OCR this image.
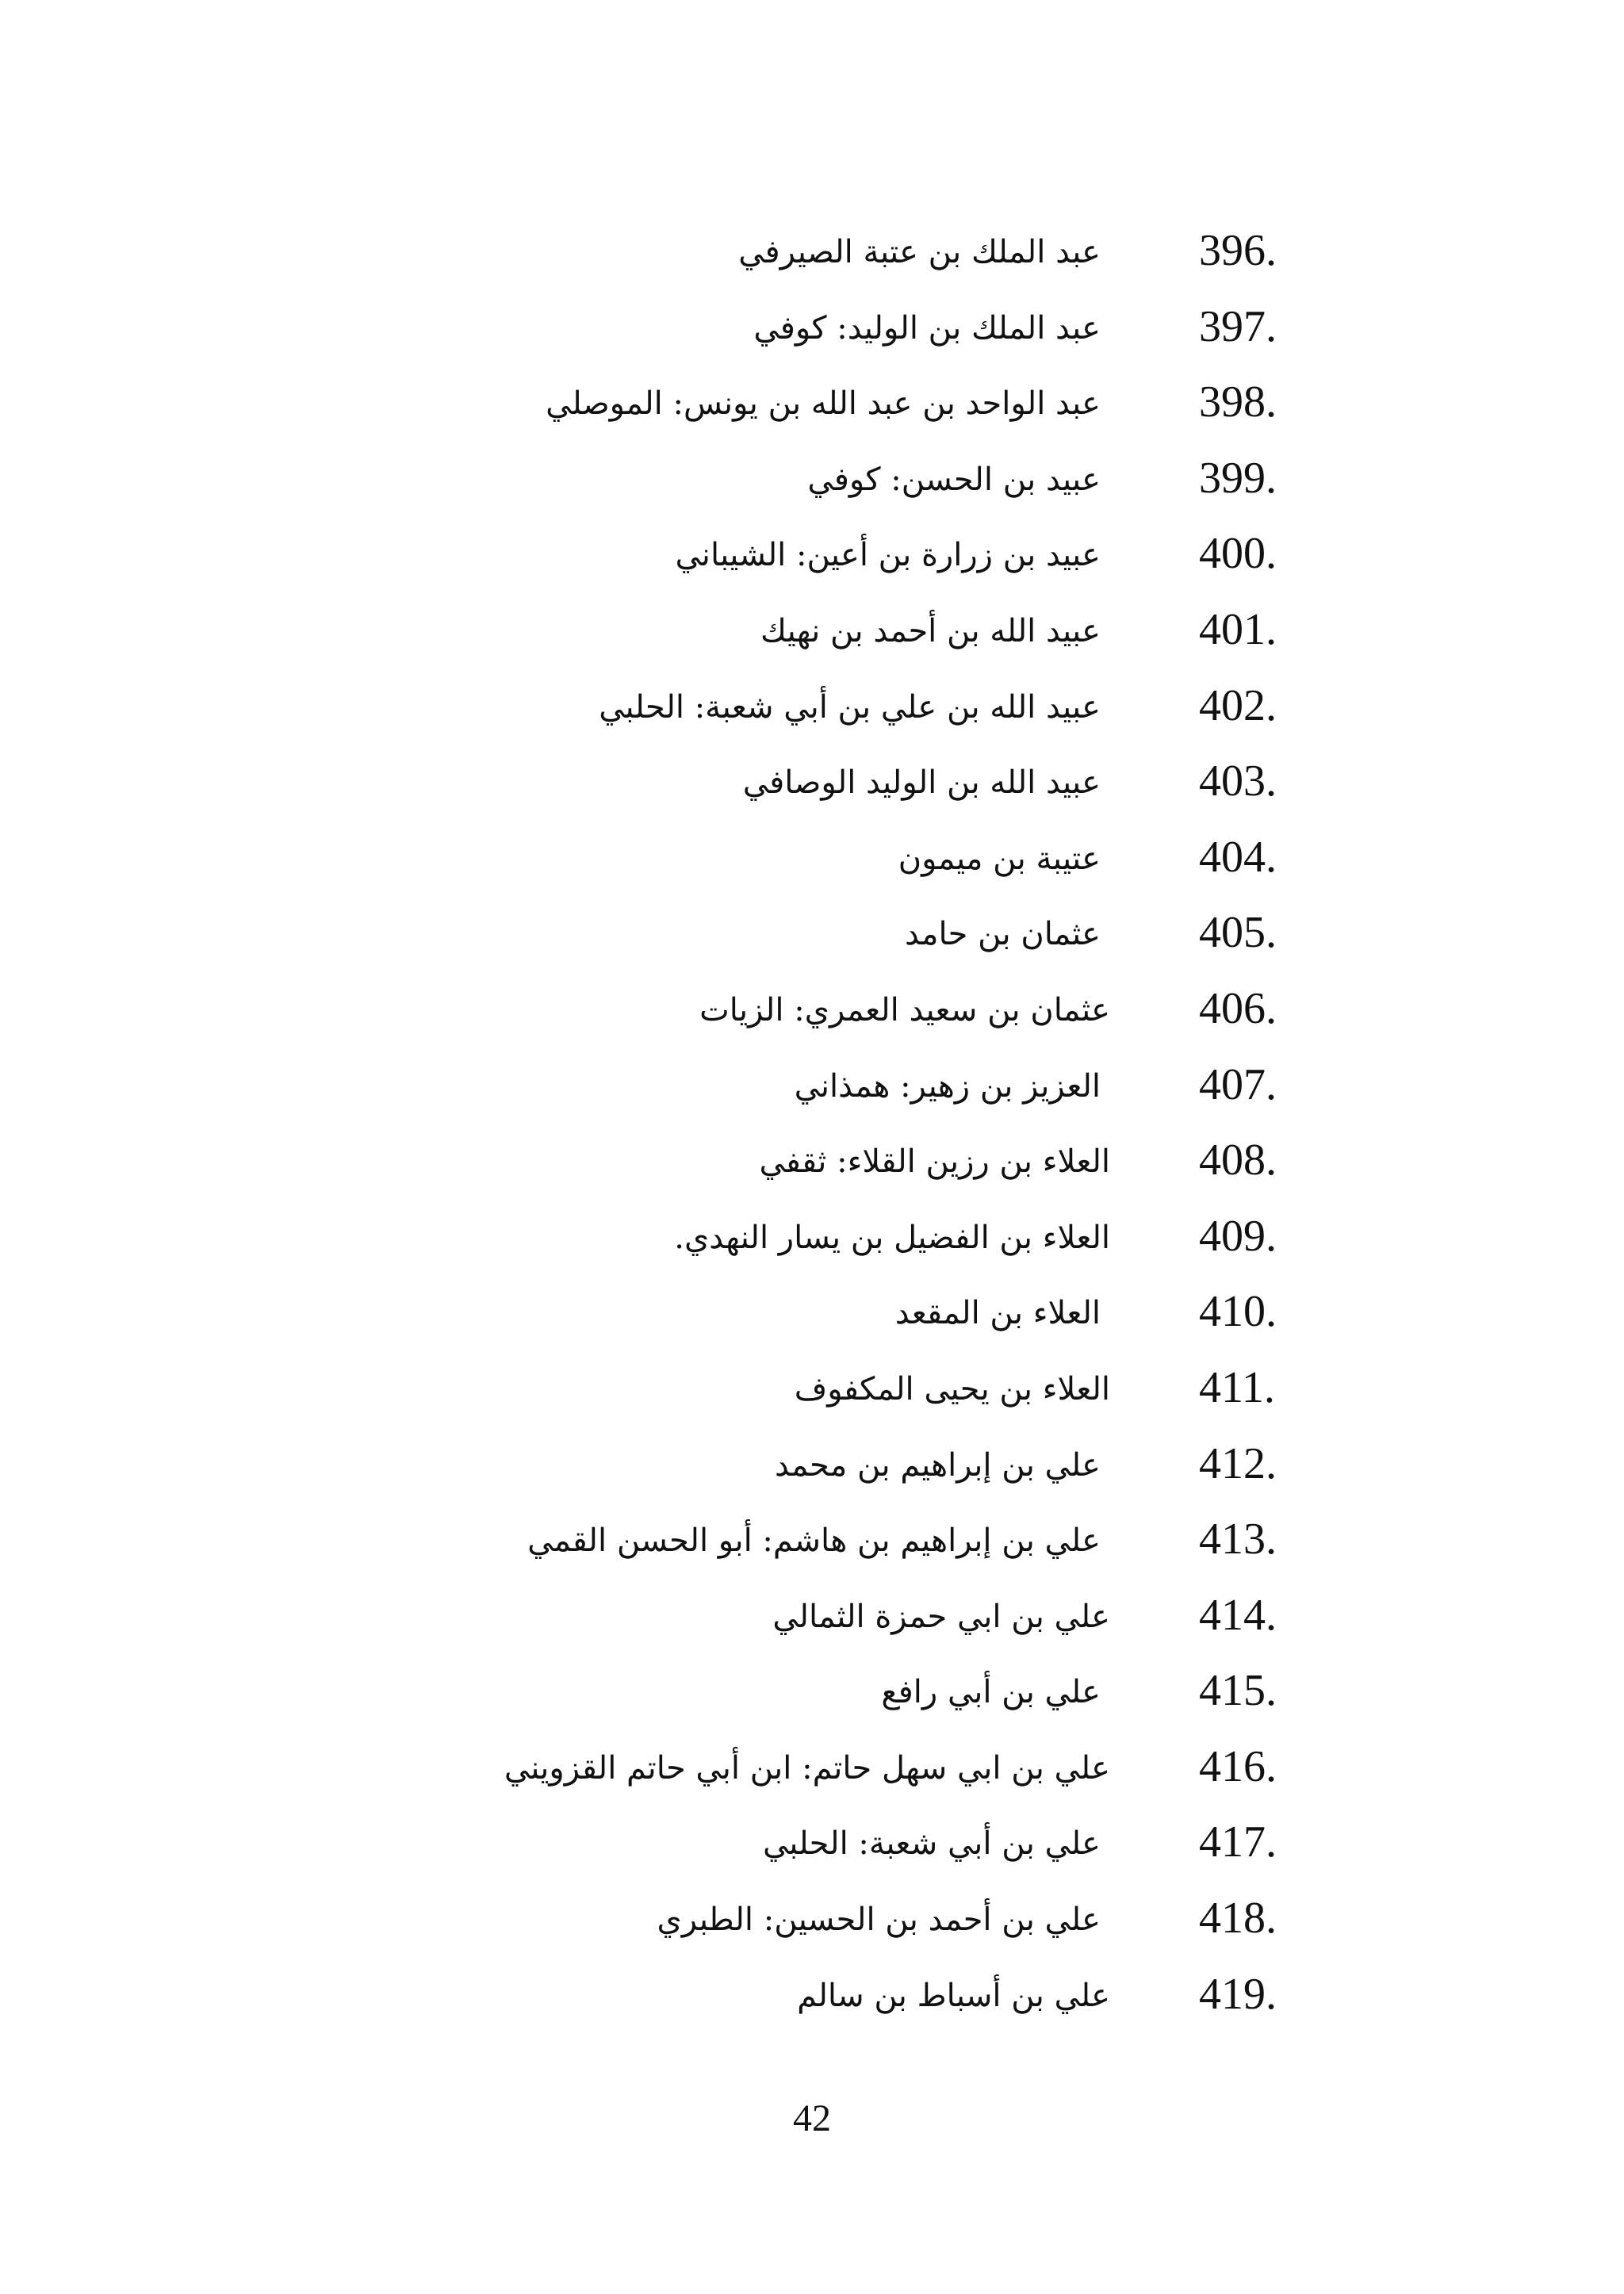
396.
عبد الملك بن عتبة الصيرفي
397.
عبد الملك بن الوليد: كوفي
398.
عبد الواحد بن عبد الله بن يونس: الموصلي
399.
عبيد بن الحسن: كوفي
400.
عبيد بن زرارة بن أعين: الشيباني
401.
عبيد الله بن أحمد بن نهيك
402.
عبيد الله بن علي بن أبي شعبة: الحلبي
403.
عبيد الله بن الوليد الوصافي
404.
عتيبة بن ميمون
405.
عثمان بن حامد
406.
عثمان بن سعيد العمري: الزيات
407.
العزيز بن زهير: همذاني
408.
العلاء بن رزين القلاء: ثقفي
409.
العلاء بن الفضيل بن يسار النهدي.
410.
العلاء بن المقعد
411.
العلاء بن يحيى المكفوف
412.
علي بن إبراهيم بن محمد
413.
علي بن إبراهيم بن هاشم: أبو الحسن القمي
414.
علي بن ابي حمزة الثمالي
415.
علي بن أبي رافع
416.
علي بن ابي سهل حاتم: ابن أبي حاتم القزويني
417.
علي بن أبي شعبة: الحلبي
418.
علي بن أحمد بن الحسين: الطبري
419.
علي بن أسباط بن سالم
42
